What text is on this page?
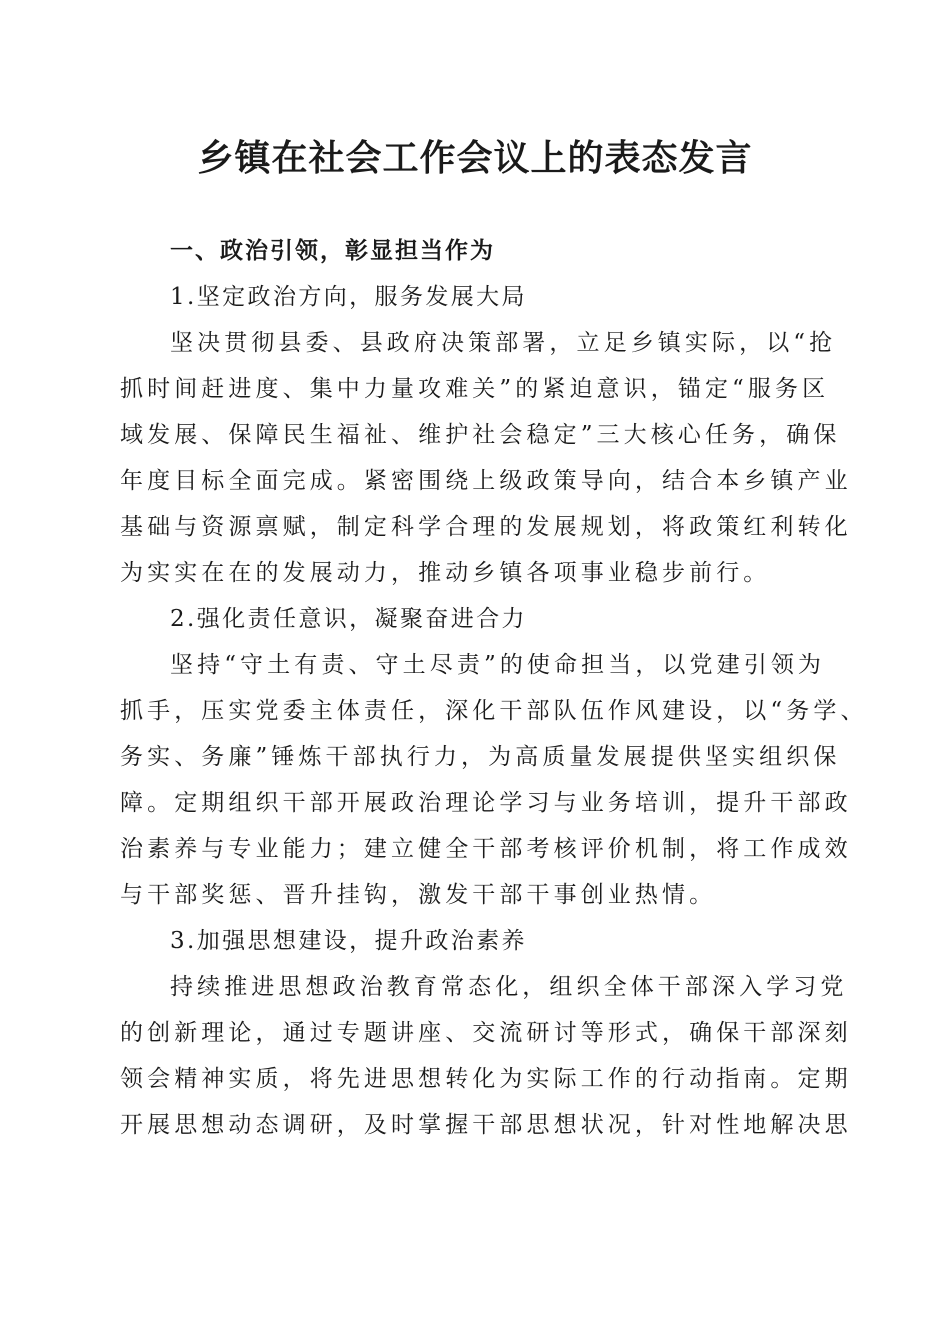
乡镇在社会工作会议上的表态发言
一、政治引领，彰显担当作为
1.坚定政治方向，服务发展大局

坚决贯彻县委、县政府决策部署，立足乡镇实际，以“抢
抓时间赶进度、集中力量攻难关”的紧迫意识，锚定“服务区
域发展、保障民生福祉、维护社会稳定”三大核心任务，确保
年度目标全面完成。紧密围绕上级政策导向，结合本乡镇产业
基础与资源禀赋，制定科学合理的发展规划，将政策红利转化
为实实在在的发展动力，推动乡镇各项事业稳步前行。

2.强化责任意识，凝聚奋进合力

坚持“守土有责、守土尽责”的使命担当，以党建引领为
抓手，压实党委主体责任，深化干部队伍作风建设，以“务学、
务实、务廉”锤炼干部执行力，为高质量发展提供坚实组织保
障。定期组织干部开展政治理论学习与业务培训，提升干部政
治素养与专业能力；建立健全干部考核评价机制，将工作成效
与干部奖惩、晋升挂钩，激发干部干事创业热情。

3.加强思想建设，提升政治素养

持续推进思想政治教育常态化，组织全体干部深入学习党
的创新理论，通过专题讲座、交流研讨等形式，确保干部深刻
领会精神实质，将先进思想转化为实际工作的行动指南。定期
开展思想动态调研，及时掌握干部思想状况，针对性地解决思
